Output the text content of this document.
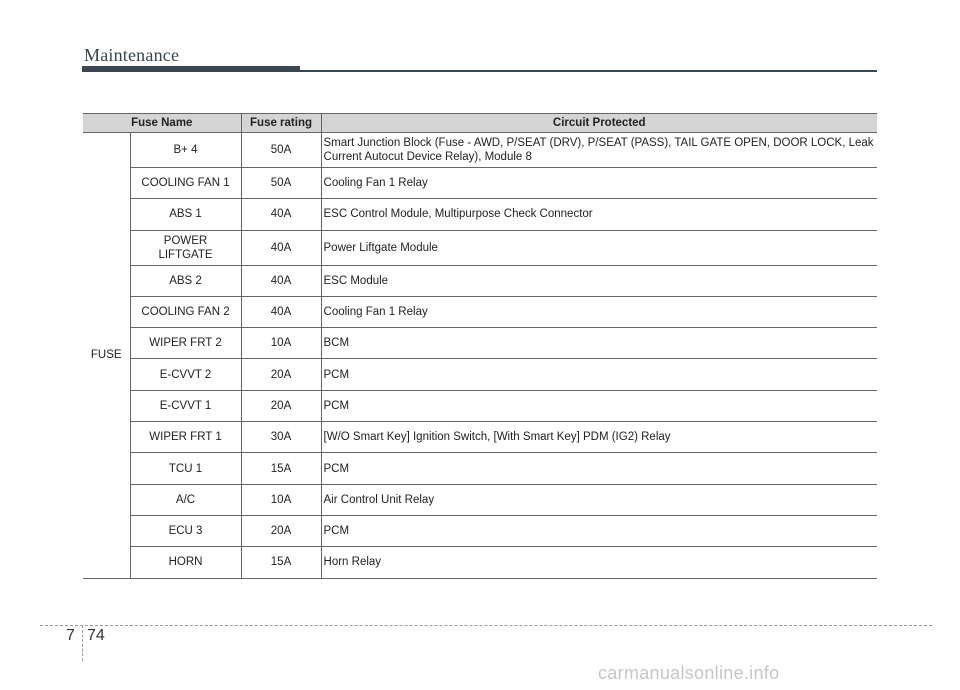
Maintenance
Fuse Name		Fuse rating	Circuit Protected
FUSE	B+ 4	50A	Smart Junction Block (Fuse - AWD, P/SEAT (DRV), P/SEAT (PASS), TAIL GATE OPEN, DOOR LOCK, Leak Current Autocut Device Relay), Module 8
	COOLING FAN 1	50A	Cooling Fan 1 Relay
	ABS 1	40A	ESC Control Module, Multipurpose Check Connector
	POWER LIFTGATE	40A	Power Liftgate Module
	ABS 2	40A	ESC Module
	COOLING FAN 2	40A	Cooling Fan 1 Relay
	WIPER FRT 2	10A	BCM
	E-CVVT 2	20A	PCM
	E-CVVT 1	20A	PCM
	WIPER FRT 1	30A	[W/O Smart Key] Ignition Switch, [With Smart Key] PDM (IG2) Relay
	TCU 1	15A	PCM
	A/C	10A	Air Control Unit Relay
	ECU 3	20A	PCM
	HORN	15A	Horn Relay
7 74
carmanualsonline.info
